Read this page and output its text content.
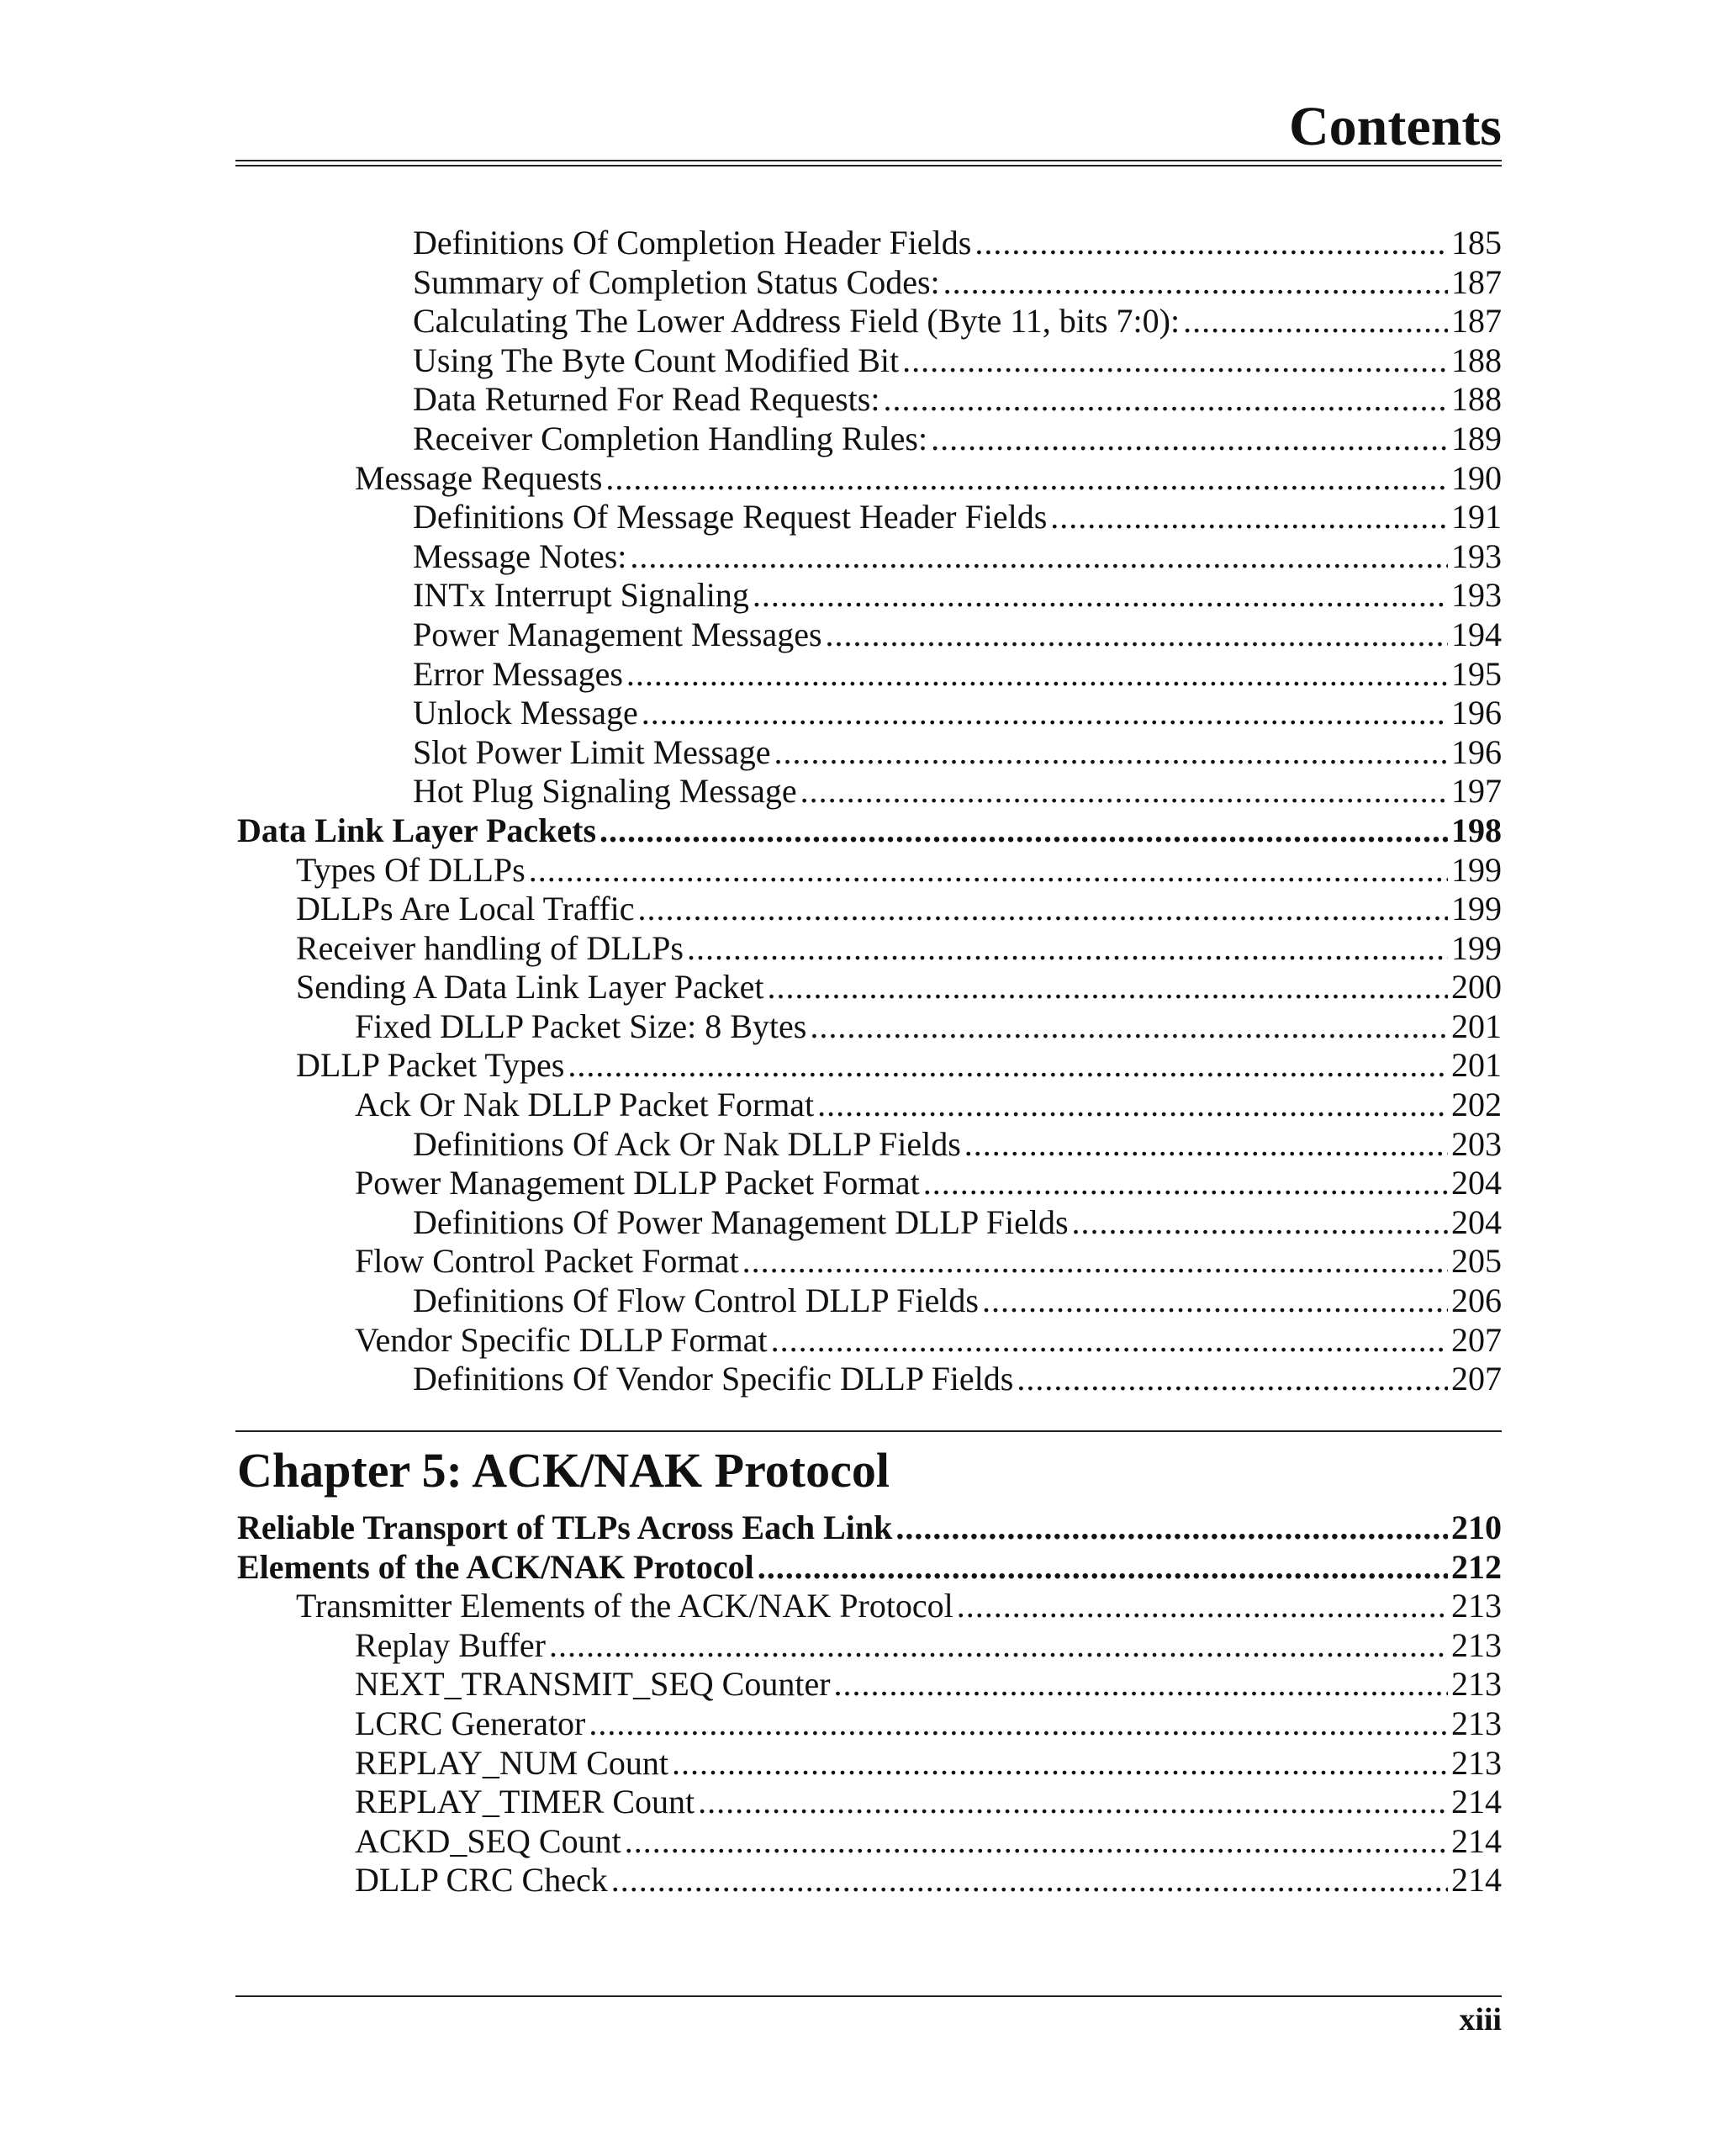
Contents
Definitions Of Completion Header Fields .....	185
Summary of Completion Status Codes: .....	187
Calculating The Lower Address Field (Byte 11, bits 7:0): .....	187
Using The Byte Count Modified Bit .....	188
Data Returned For Read Requests: .....	188
Receiver Completion Handling Rules: .....	189
Message Requests .....	190
Definitions Of Message Request Header Fields .....	191
Message Notes: .....	193
INTx Interrupt Signaling .....	193
Power Management Messages .....	194
Error Messages .....	195
Unlock Message .....	196
Slot Power Limit Message .....	196
Hot Plug Signaling Message .....	197
Data Link Layer Packets .....	198
Types Of DLLPs .....	199
DLLPs Are Local Traffic .....	199
Receiver handling of DLLPs .....	199
Sending A Data Link Layer Packet .....	200
Fixed DLLP Packet Size: 8 Bytes .....	201
DLLP Packet Types .....	201
Ack Or Nak DLLP Packet Format .....	202
Definitions Of Ack Or Nak DLLP Fields .....	203
Power Management DLLP Packet Format .....	204
Definitions Of Power Management DLLP Fields .....	204
Flow Control Packet Format .....	205
Definitions Of Flow Control DLLP Fields .....	206
Vendor Specific DLLP Format .....	207
Definitions Of Vendor Specific DLLP Fields .....	207
Chapter 5: ACK/NAK Protocol
Reliable Transport of TLPs Across Each Link .....	210
Elements of the ACK/NAK Protocol .....	212
Transmitter Elements of the ACK/NAK Protocol .....	213
Replay Buffer .....	213
NEXT_TRANSMIT_SEQ Counter .....	213
LCRC Generator .....	213
REPLAY_NUM Count .....	213
REPLAY_TIMER Count .....	214
ACKD_SEQ Count .....	214
DLLP CRC Check .....	214
xiii
